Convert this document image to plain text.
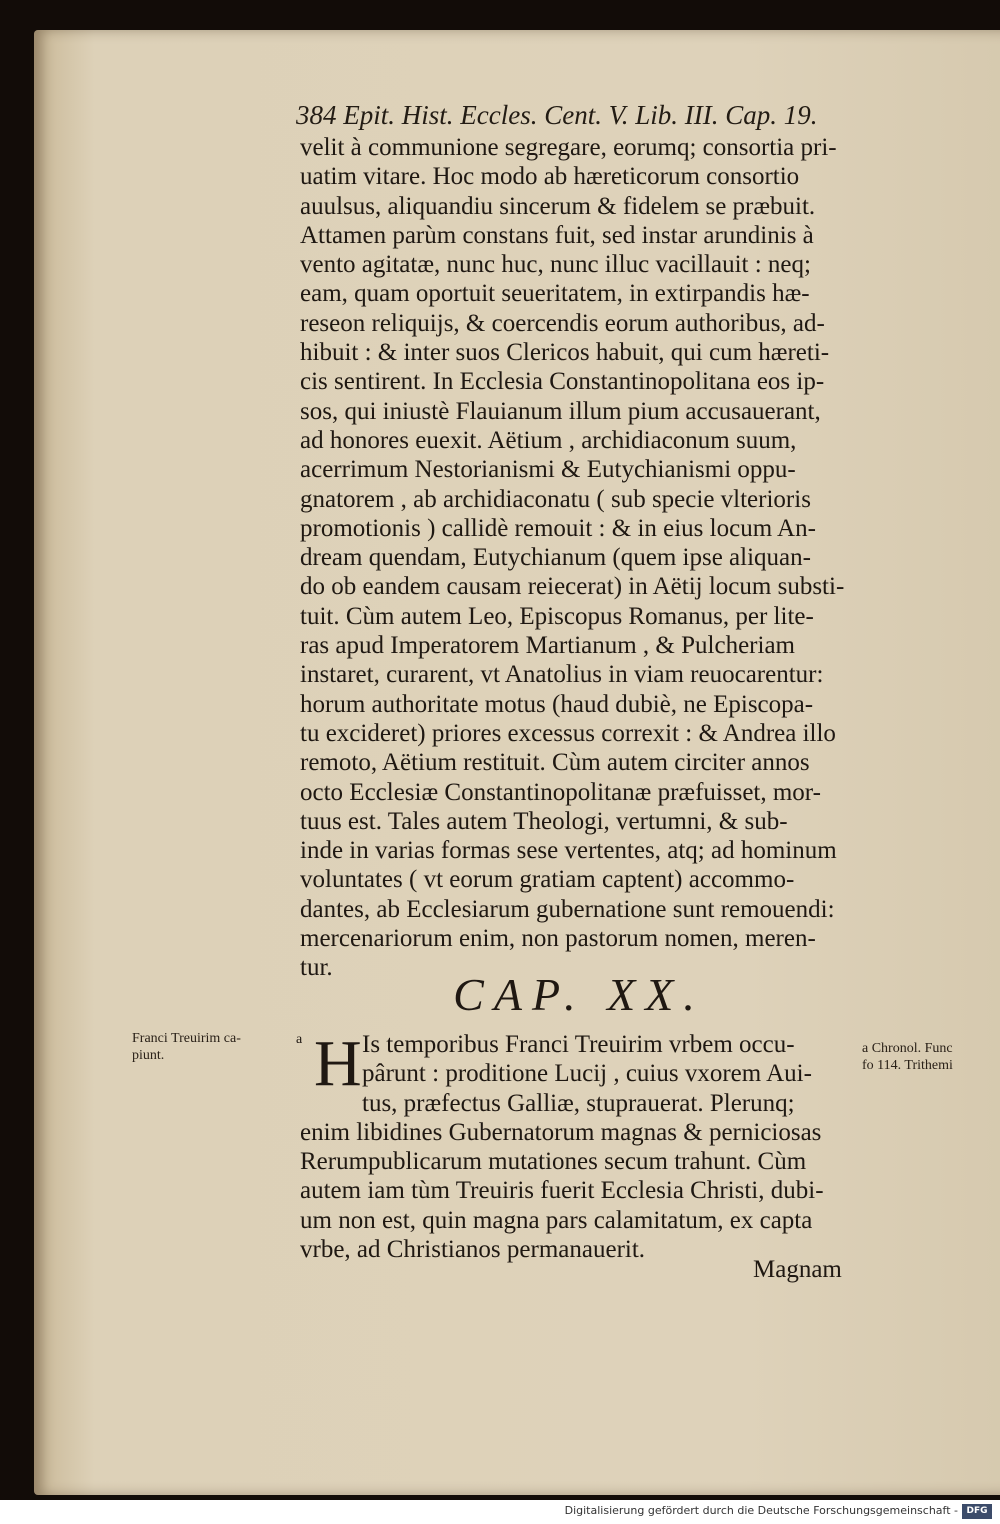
384 Epit. Hist. Eccles. Cent. V. Lib. III. Cap. 19.
velit à communione segregare, eorumq; consortia pri-
uatim vitare. Hoc modo ab hæreticorum consortio
auulsus, aliquandiu sincerum & fidelem se præbuit.
Attamen parùm constans fuit, sed instar arundinis à
vento agitatæ, nunc huc, nunc illuc vacillauit : neq;
eam, quam oportuit seueritatem, in extirpandis hæ-
reseon reliquijs, & coercendis eorum authoribus, ad-
hibuit : & inter suos Clericos habuit, qui cum hæreti-
cis sentirent. In Ecclesia Constantinopolitana eos ip-
sos, qui iniustè Flauianum illum pium accusauerant,
ad honores euexit. Aëtium , archidiaconum suum,
acerrimum Nestorianismi & Eutychianismi oppu-
gnatorem , ab archidiaconatu ( sub specie vlterioris
promotionis ) callidè remouit : & in eius locum An-
dream quendam, Eutychianum (quem ipse aliquan-
do ob eandem causam reiecerat) in Aëtij locum substi-
tuit. Cùm autem Leo, Episcopus Romanus, per lite-
ras apud Imperatorem Martianum , & Pulcheriam
instaret, curarent, vt Anatolius in viam reuocarentur:
horum authoritate motus (haud dubiè, ne Episcopa-
tu excideret) priores excessus correxit : & Andrea illo
remoto, Aëtium restituit. Cùm autem circiter annos
octo Ecclesiæ Constantinopolitanæ præfuisset, mor-
tuus est. Tales autem Theologi, vertumni, & sub-
inde in varias formas sese vertentes, atq; ad hominum
voluntates ( vt eorum gratiam captent) accommo-
dantes, ab Ecclesiarum gubernatione sunt remouendi:
mercenariorum enim, non pastorum nomen, meren-
tur.
CAP. XX.
a H Is temporibus Franci Treuirim vrbem occu-
pârunt : proditione Lucij , cuius vxorem Aui-
tus, præfectus Galliæ, stuprauerat. Plerunq;
enim libidines Gubernatorum magnas & perniciosas
Rerumpublicarum mutationes secum trahunt. Cùm
autem iam tùm Treuiris fuerit Ecclesia Christi, dubi-
um non est, quin magna pars calamitatum, ex capta
vrbe, ad Christianos permanauerit.
Magnam
Franci Treuirim ca-
piunt.	a Chronol. Func
fo 114. Trithemi
Digitalisierung gefördert durch die Deutsche Forschungsgemeinschaft - DFG
